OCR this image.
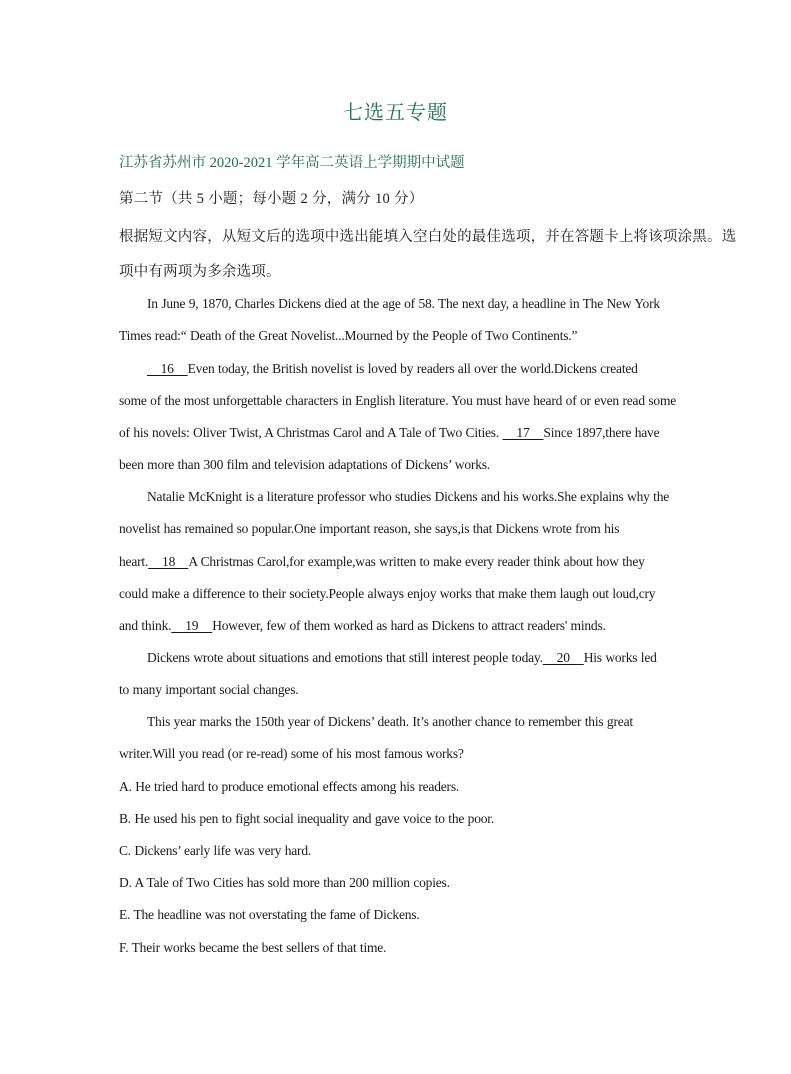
七选五专题
江苏省苏州市 2020-2021 学年高二英语上学期期中试题
第二节（共 5 小题；每小题 2 分，满分 10 分）
根据短文内容，从短文后的选项中选出能填入空白处的最佳选项，并在答题卡上将该项涂黑。选
项中有两项为多余选项。
In June 9, 1870, Charles Dickens died at the age of 58. The next day, a headline in The New York
Times read:“ Death of the Great Novelist...Mourned by the People of Two Continents.”
16    Even today, the British novelist is loved by readers all over the world.Dickens created
some of the most unforgettable characters in English literature. You must have heard of or even read some
of his novels: Oliver Twist, A Christmas Carol and A Tale of Two Cities.     17    Since 1897,there have
been more than 300 film and television adaptations of Dickens’ works.
Natalie McKnight is a literature professor who studies Dickens and his works.She explains why the
novelist has remained so popular.One important reason, she says,is that Dickens wrote from his
heart.    18    A Christmas Carol,for example,was written to make every reader think about how they
could make a difference to their society.People always enjoy works that make them laugh out loud,cry
and think.    19    However, few of them worked as hard as Dickens to attract readers' minds.
Dickens wrote about situations and emotions that still interest people today.    20    His works led
to many important social changes.
This year marks the 150th year of Dickens’ death. It’s another chance to remember this great
writer.Will you read (or re-read) some of his most famous works?
A. He tried hard to produce emotional effects among his readers.
B. He used his pen to fight social inequality and gave voice to the poor.
C. Dickens’ early life was very hard.
D. A Tale of Two Cities has sold more than 200 million copies.
E. The headline was not overstating the fame of Dickens.
F. Their works became the best sellers of that time.
